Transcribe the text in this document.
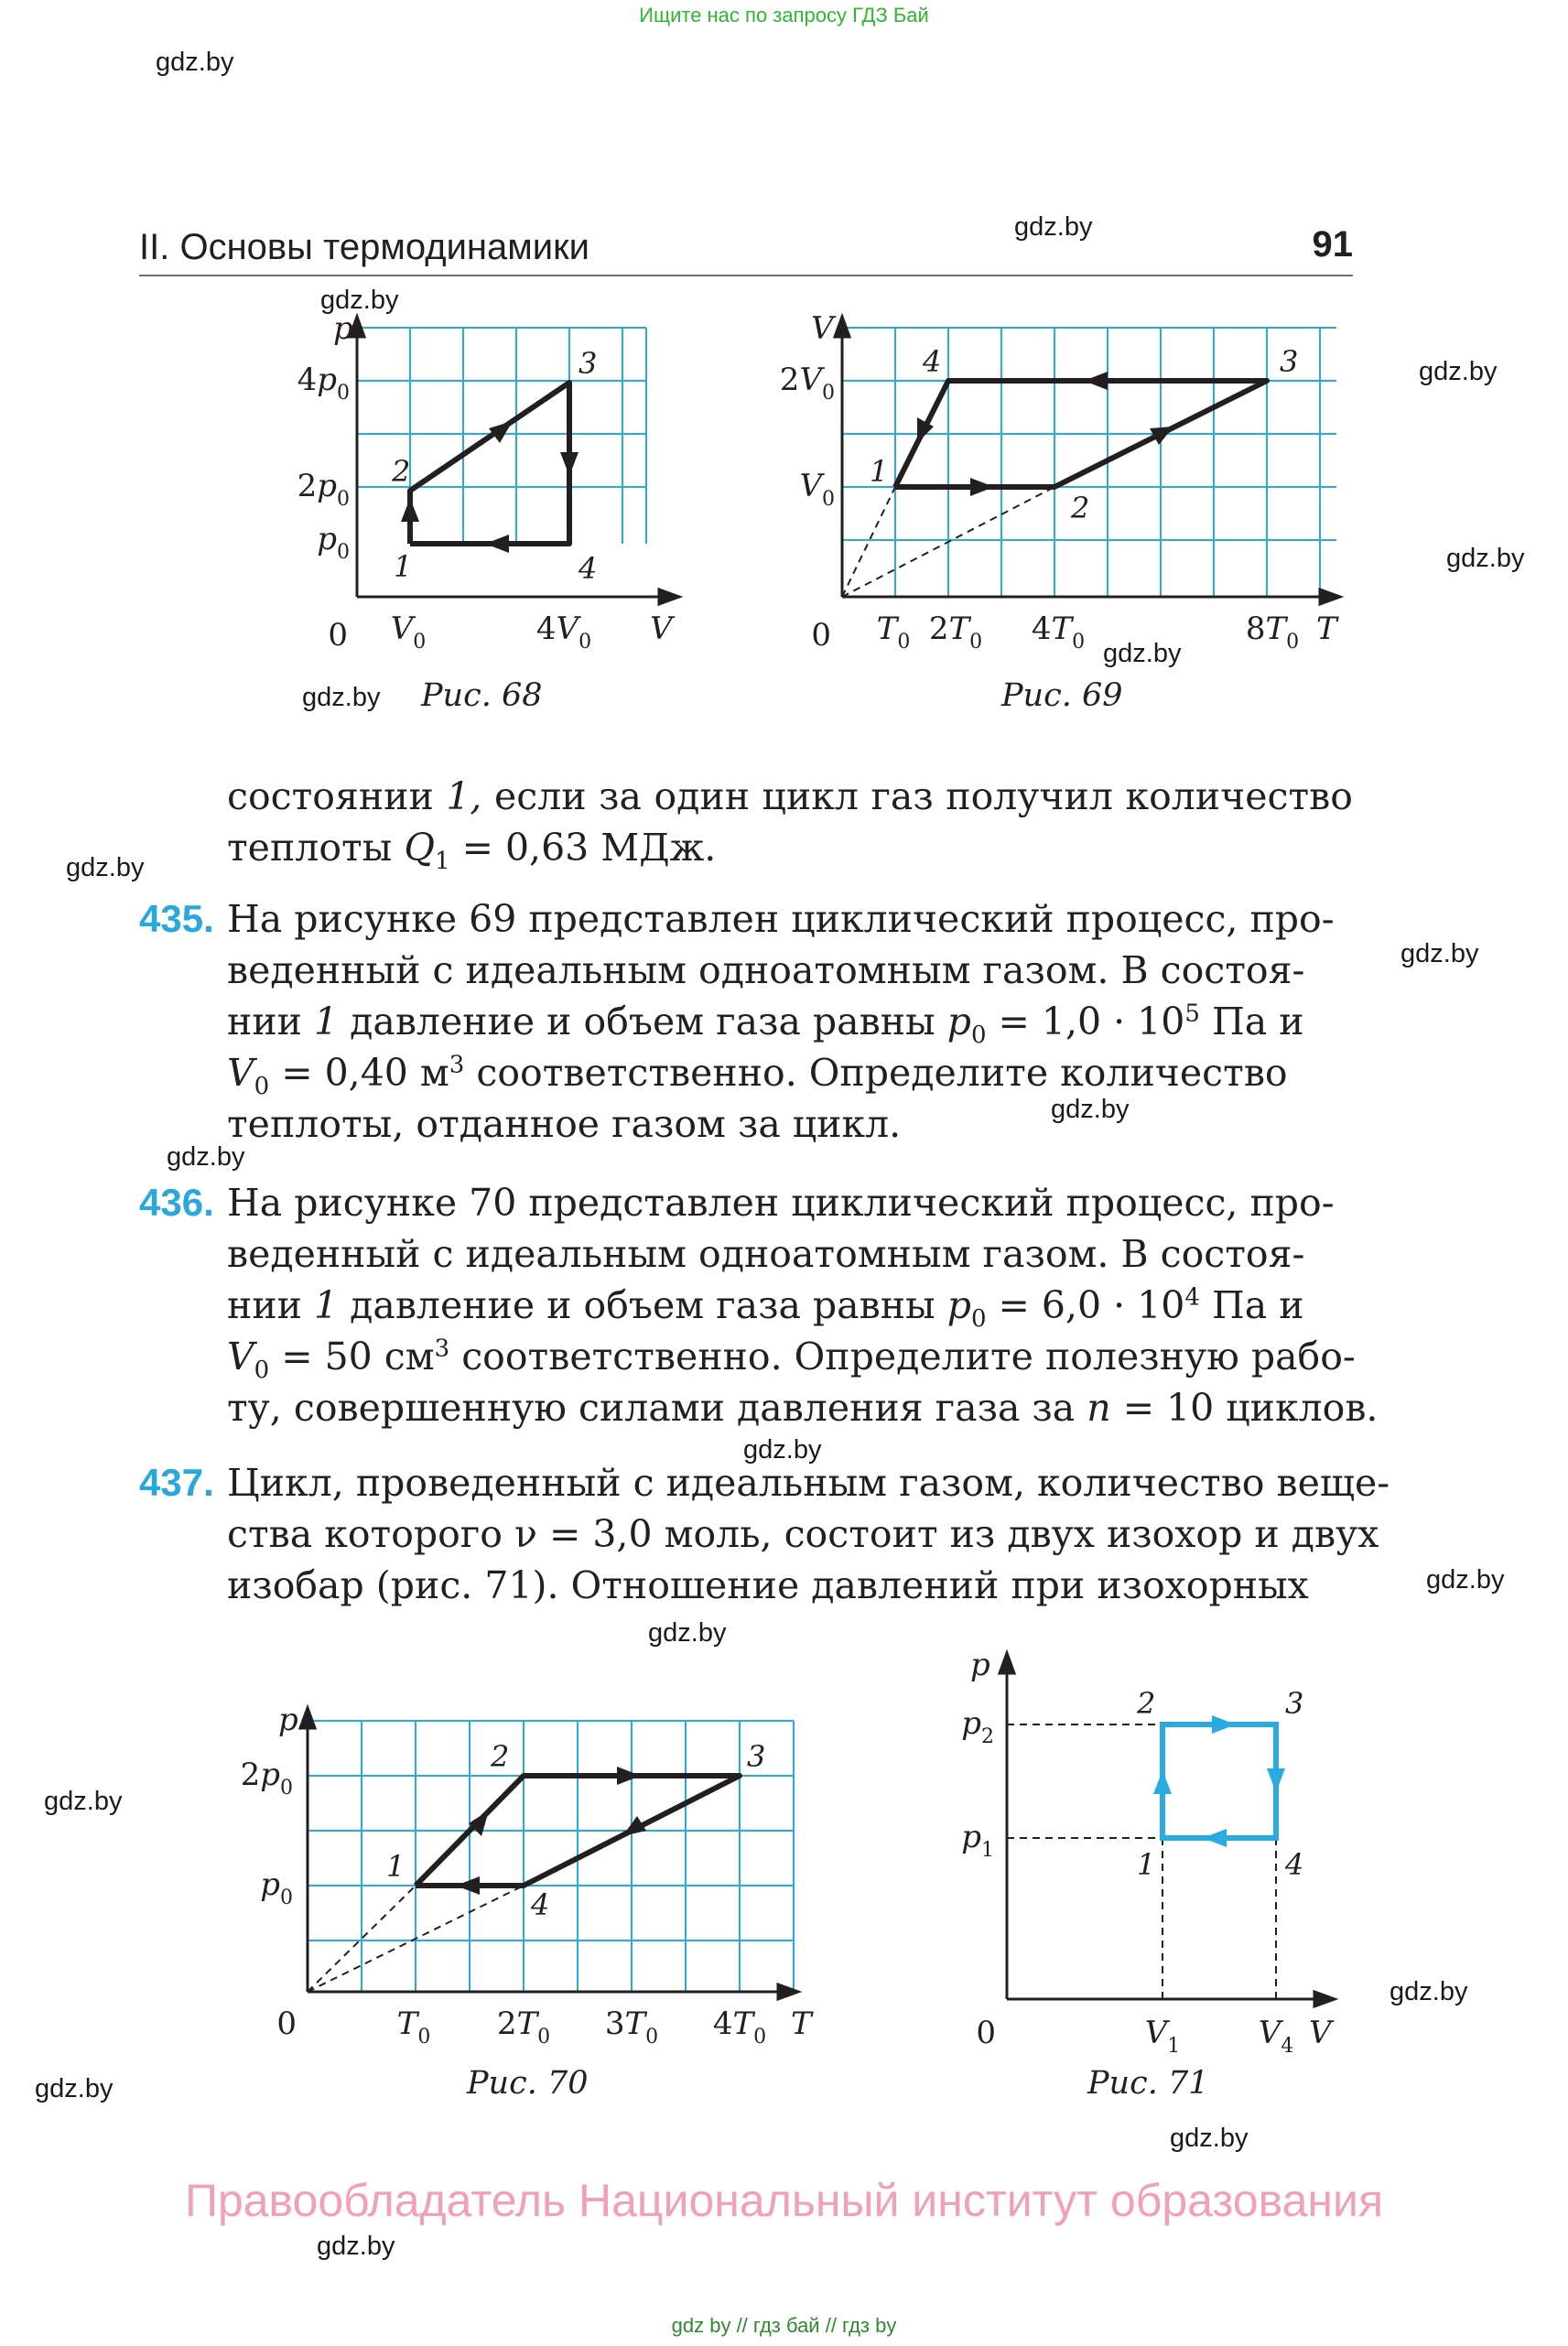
Ищите нас по запросу ГДЗ Бай
gdz.by
gdz.by
gdz.by
gdz.by
gdz.by
gdz.by
gdz.by
gdz.by
gdz.by
gdz.by
gdz.by
gdz.by
gdz.by
gdz.by
gdz.by
gdz.by
gdz.by
gdz.by
gdz.by
gdz by // гдз бай // гдз by
Правообладатель Национальный институт образования
II. Основы термодинамики	91
p
V
0 $V_0$	$4V_0$
$4p_0$
$2p_0$
$p_0$ 1
2
3
4
Рис. 68
V
T
0 $T_0$ $2T_0$ $4T_0$	$8T_0$
$2V_0$
$V_0$
1
2
3
4
Рис. 69
состоянии 1, если за один цикл газ получил количество
теплоты $Q_1 = 0,63$ МДж.
435. На рисунке 69 представлен циклический процесс, про-
веденный с идеальным одноатомным газом. В состоя-
нии 1 давление и объем газа равны $p_0 = 1,0 \cdot 10^5$ Па и
$V_0 = 0,40$ $м^3$ соответственно. Определите количество
теплоты, отданное газом за цикл.
436. На рисунке 70 представлен циклический процесс, про-
веденный с идеальным одноатомным газом. В состоя-
нии 1 давление и объем газа равны $p_0 = 6,0 \cdot 10^4$ Па и
$V_0 = 50$ $см^3$ соответственно. Определите полезную рабо-
ту, совершенную силами давления газа за n = 10 циклов.
437. Цикл, проведенный с идеальным газом, количество веще-
ства которого ν = 3,0 моль, состоит из двух изохор и двух
изобар (рис. 71). Отношение давлений при изохорных
p
T
0	$T_0$ $2T_0$ $3T_0$ $4T_0$
$2p_0$
$p_0$
1
2	3
4
Рис. 70
p
V
0	$V_1$	$V_4$
$p_2$
$p_1$	1
2	3
4
Рис. 71
